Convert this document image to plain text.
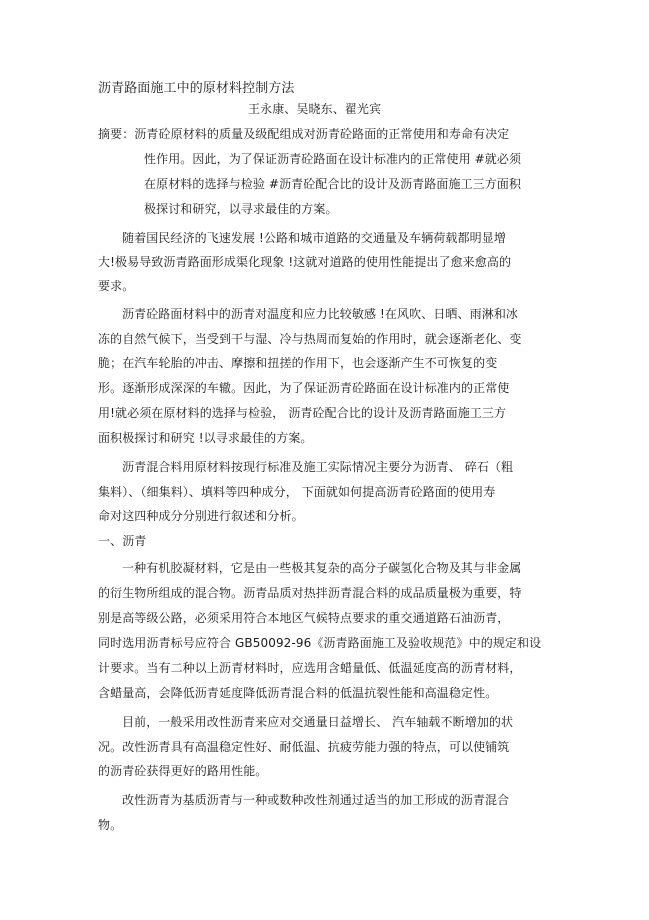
沥青路面施工中的原材料控制方法
王永康、吴晓东、翟光宾
摘要：沥青砼原材料的质量及级配组成对沥青砼路面的正常使用和寿命有决定
性作用。因此，为了保证沥青砼路面在设计标准内的正常使用 #就必须
在原材料的选择与检验 #沥青砼配合比的设计及沥青路面施工三方面积
极探讨和研究，以寻求最佳的方案。
随着国民经济的飞速发展 !公路和城市道路的交通量及车辆荷载都明显增
大!极易导致沥青路面形成渠化现象 !这就对道路的使用性能提出了愈来愈高的
要求。
沥青砼路面材料中的沥青对温度和应力比较敏感 !在风吹、日晒、雨淋和冰
冻的自然气候下，当受到干与湿、冷与热周而复始的作用时，就会逐渐老化、变
脆；在汽车轮胎的冲击、摩擦和扭搓的作用下，也会逐渐产生不可恢复的变
形。逐渐形成深深的车辙。因此，为了保证沥青砼路面在设计标准内的正常使
用!就必须在原材料的选择与检验， 沥青砼配合比的设计及沥青路面施工三方
面积极探讨和研究 !以寻求最佳的方案。
沥青混合料用原材料按现行标准及施工实际情况主要分为沥青、 碎石（粗
集料）、（细集料）、填料等四种成分， 下面就如何提高沥青砼路面的使用寿
命对这四种成分分别进行叙述和分析。
一、沥青
一种有机胶凝材料，它是由一些极其复杂的高分子碳氢化合物及其与非金属
的衍生物所组成的混合物。沥青品质对热拌沥青混合料的成品质量极为重要，特
别是高等级公路，必须采用符合本地区气候特点要求的重交通道路石油沥青，
同时选用沥青标号应符合 GB50092-96《沥青路面施工及验收规范》中的规定和设
计要求。当有二种以上沥青材料时，应选用含蜡量低、低温延度高的沥青材料，
含蜡量高，会降低沥青延度降低沥青混合料的低温抗裂性能和高温稳定性。
目前，一般采用改性沥青来应对交通量日益增长、 汽车轴载不断增加的状
况。改性沥青具有高温稳定性好、耐低温、抗疲劳能力强的特点，可以使铺筑
的沥青砼获得更好的路用性能。
改性沥青为基质沥青与一种或数种改性剂通过适当的加工形成的沥青混合
物。
